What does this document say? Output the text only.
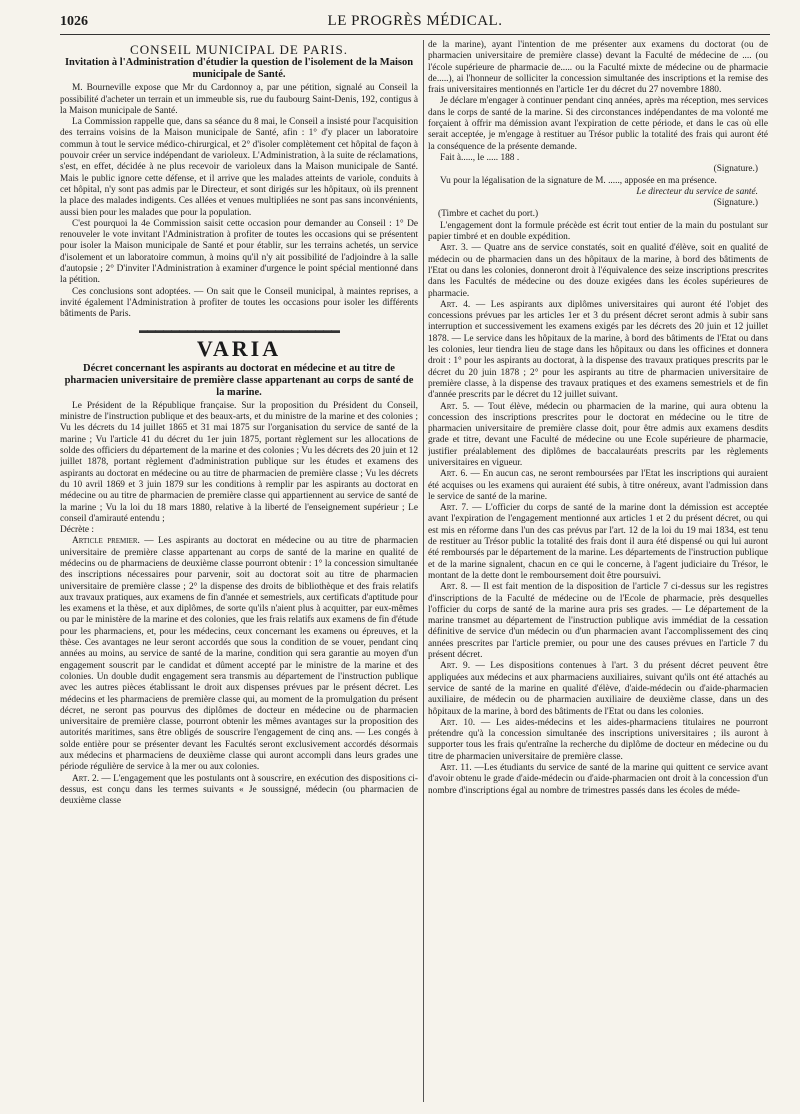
1026	LE PROGRÈS MÉDICAL.
CONSEIL MUNICIPAL DE PARIS.
Invitation à l'Administration d'étudier la question de l'isolement de la Maison municipale de Santé.

M. Bourneville expose que Mr du Cardonnoy a, par une pétition, signalé au Conseil la possibilité d'acheter un terrain et un immeuble sis, rue du faubourg Saint-Denis, 192, contigus à la Maison municipale de Santé.

La Commission rappelle que, dans sa séance du 8 mai, le Conseil a insisté pour l'acquisition des terrains voisins de la Maison municipale de Santé, afin : 1° d'y placer un laboratoire commun à tout le service médico-chirurgical, et 2° d'isoler complètement cet hôpital de façon à pouvoir créer un service indépendant de varioleux. L'Administration, à la suite de réclamations, s'est, en effet, décidée à ne plus recevoir de varioleux dans la Maison municipale de Santé. Mais le public ignore cette défense, et il arrive que les malades atteints de variole, conduits à cet hôpital, n'y sont pas admis par le Directeur, et sont dirigés sur les hôpitaux, où ils prennent la place des malades indigents. Ces allées et venues multipliées ne sont pas sans inconvénients, aussi bien pour les malades que pour la population.

C'est pourquoi la 4e Commission saisit cette occasion pour demander au Conseil : 1° De renouveler le vote invitant l'Administration à profiter de toutes les occasions qui se présentent pour isoler la Maison municipale de Santé et pour établir, sur les terrains achetés, un service d'isolement et un laboratoire commun, à moins qu'il n'y ait possibilité de l'adjoindre à la salle d'autopsie ; 2° D'inviter l'Administration à examiner d'urgence le point spécial mentionné dans la pétition.

Ces conclusions sont adoptées. — On sait que le Conseil municipal, à maintes reprises, a invité également l'Administration à profiter de toutes les occasions pour isoler les différents bâtiments de Paris.

▬▬▬▬▬▬▬▬▬▬▬▬▬▬▬▬▬▬▬▬▬▬▬▬▬
VARIA
Décret concernant les aspirants au doctorat en médecine et au titre de pharmacien universitaire de première classe appartenant au corps de santé de la marine.

Le Président de la République française. Sur la proposition du Président du Conseil, ministre de l'instruction publique et des beaux-arts, et du ministre de la marine et des colonies ; Vu les décrets du 14 juillet 1865 et 31 mai 1875 sur l'organisation du service de santé de la marine ; Vu l'article 41 du décret du 1er juin 1875, portant règlement sur les allocations de solde des officiers du département de la marine et des colonies ; Vu les décrets des 20 juin et 12 juillet 1878, portant règlement d'administration publique sur les études et examens des aspirants au doctorat en médecine ou au titre de pharmacien de première classe ; Vu les décrets du 10 avril 1869 et 3 juin 1879 sur les conditions à remplir par les aspirants au doctorat en médecine ou au titre de pharmacien de première classe qui appartiennent au service de santé de la marine ; Vu la loi du 18 mars 1880, relative à la liberté de l'enseignement supérieur ; Le conseil d'amirauté entendu ;

Décrète :

Article premier. — Les aspirants au doctorat en médecine ou au titre de pharmacien universitaire de première classe appartenant au corps de santé de la marine en qualité de médecins ou de pharmaciens de deuxième classe pourront obtenir : 1° la concession simultanée des inscriptions nécessaires pour parvenir, soit au doctorat soit au titre de pharmacien universitaire de première classe ; 2° la dispense des droits de bibliothèque et des frais relatifs aux travaux pratiques, aux examens de fin d'année et semestriels, aux certificats d'aptitude pour les examens et la thèse, et aux diplômes, de sorte qu'ils n'aient plus à acquitter, par eux-mêmes ou par le ministère de la marine et des colonies, que les frais relatifs aux examens de fin d'étude pour les pharmaciens, et, pour les médecins, ceux concernant les examens ou épreuves, et la thèse. Ces avantages ne leur seront accordés que sous la condition de se vouer, pendant cinq années au moins, au service de santé de la marine, condition qui sera garantie au moyen d'un engagement souscrit par le candidat et dûment accepté par le ministre de la marine et des colonies. Un double dudit engagement sera transmis au département de l'instruction publique avec les autres pièces établissant le droit aux dispenses prévues par le présent décret. Les médecins et les pharmaciens de première classe qui, au moment de la promulgation du présent décret, ne seront pas pourvus des diplômes de docteur en médecine ou de pharmacien universitaire de première classe, pourront obtenir les mêmes avantages sur la proposition des autorités maritimes, sans être obligés de souscrire l'engagement de cinq ans. — Les congés à solde entière pour se présenter devant les Facultés seront exclusivement accordés désormais aux médecins et pharmaciens de deuxième classe qui auront accompli dans leurs grades une période régulière de service à la mer ou aux colonies.

Art. 2. — L'engagement que les postulants ont à souscrire, en exécution des dispositions ci-dessus, est conçu dans les termes suivants « Je soussigné, médecin (ou pharmacien de deuxième classe

de la marine), ayant l'intention de me présenter aux examens du doctorat (ou de pharmacien universitaire de première classe) devant la Faculté de médecine de .... (ou l'école supérieure de pharmacie de..... ou la Faculté mixte de médecine ou de pharmacie de.....), ai l'honneur de solliciter la concession simultanée des inscriptions et la remise des frais universitaires mentionnés en l'article 1er du décret du 27 novembre 1880.

Je déclare m'engager à continuer pendant cinq années, après ma réception, mes services dans le corps de santé de la marine. Si des circonstances indépendantes de ma volonté me forçaient à offrir ma démission avant l'expiration de cette période, et dans le cas où elle serait acceptée, je m'engage à restituer au Trésor public la totalité des frais qui auront été la conséquence de la présente demande.

Fait à....., le ..... 188 .

(Signature.)

Vu pour la légalisation de la signature de M. ....., apposée en ma présence.

Le directeur du service de santé.
(Signature.)

(Timbre et cachet du port.)

L'engagement dont la formule précède est écrit tout entier de la main du postulant sur papier timbré et en double expédition.

Art. 3. — Quatre ans de service constatés, soit en qualité d'élève, soit en qualité de médecin ou de pharmacien dans un des hôpitaux de la marine, à bord des bâtiments de l'Etat ou dans les colonies, donneront droit à l'équivalence des seize inscriptions prescrites dans les Facultés de médecine ou des douze exigées dans les écoles supérieures de pharmacie.

Art. 4. — Les aspirants aux diplômes universitaires qui auront été l'objet des concessions prévues par les articles 1er et 3 du présent décret seront admis à subir sans interruption et successivement les examens exigés par les décrets des 20 juin et 12 juillet 1878. — Le service dans les hôpitaux de la marine, à bord des bâtiments de l'Etat ou dans les colonies, leur tiendra lieu de stage dans les hôpitaux ou dans les officines et donnera droit : 1° pour les aspirants au doctorat, à la dispense des travaux pratiques prescrits par le décret du 20 juin 1878 ; 2° pour les aspirants au titre de pharmacien universitaire de première classe, à la dispense des travaux pratiques et des examens semestriels et de fin d'année prescrits par le décret du 12 juillet suivant.

Art. 5. — Tout élève, médecin ou pharmacien de la marine, qui aura obtenu la concession des inscriptions prescrites pour le doctorat en médecine ou le titre de pharmacien universitaire de première classe doit, pour être admis aux examens desdits grade et titre, devant une Faculté de médecine ou une Ecole supérieure de pharmacie, justifier préalablement des diplômes de baccalauréats prescrits par les règlements universitaires en vigueur.

Art. 6. — En aucun cas, ne seront remboursées par l'Etat les inscriptions qui auraient été acquises ou les examens qui auraient été subis, à titre onéreux, avant l'admission dans le service de santé de la marine.

Art. 7. — L'officier du corps de santé de la marine dont la démission est acceptée avant l'expiration de l'engagement mentionné aux articles 1 et 2 du présent décret, ou qui est mis en réforme dans l'un des cas prévus par l'art. 12 de la loi du 19 mai 1834, est tenu de restituer au Trésor public la totalité des frais dont il aura été dispensé ou qui lui auront été remboursés par le département de la marine. Les départements de l'instruction publique et de la marine signalent, chacun en ce qui le concerne, à l'agent judiciaire du Trésor, le montant de la dette dont le remboursement doit être poursuivi.

Art. 8. — Il est fait mention de la disposition de l'article 7 ci-dessus sur les registres d'inscriptions de la Faculté de médecine ou de l'Ecole de pharmacie, près desquelles l'officier du corps de santé de la marine aura pris ses grades. — Le département de la marine transmet au département de l'instruction publique avis immédiat de la cessation définitive de service d'un médecin ou d'un pharmacien avant l'accomplissement des cinq années prescrites par l'article premier, ou pour une des causes prévues en l'article 7 du présent décret.

Art. 9. — Les dispositions contenues à l'art. 3 du présent décret peuvent être appliquées aux médecins et aux pharmaciens auxiliaires, suivant qu'ils ont été attachés au service de santé de la marine en qualité d'élève, d'aide-médecin ou d'aide-pharmacien auxiliaire, de médecin ou de pharmacien auxiliaire de deuxième classe, dans un des hôpitaux de la marine, à bord des bâtiments de l'Etat ou dans les colonies.

Art. 10. — Les aides-médecins et les aides-pharmaciens titulaires ne pourront prétendre qu'à la concession simultanée des inscriptions universitaires ; ils auront à supporter tous les frais qu'entraîne la recherche du diplôme de docteur en médecine ou du titre de pharmacien universitaire de première classe.

Art. 11. —Les étudiants du service de santé de la marine qui quittent ce service avant d'avoir obtenu le grade d'aide-médecin ou d'aide-pharmacien ont droit à la concession d'un nombre d'inscriptions égal au nombre de trimestres passés dans les écoles de méde-
